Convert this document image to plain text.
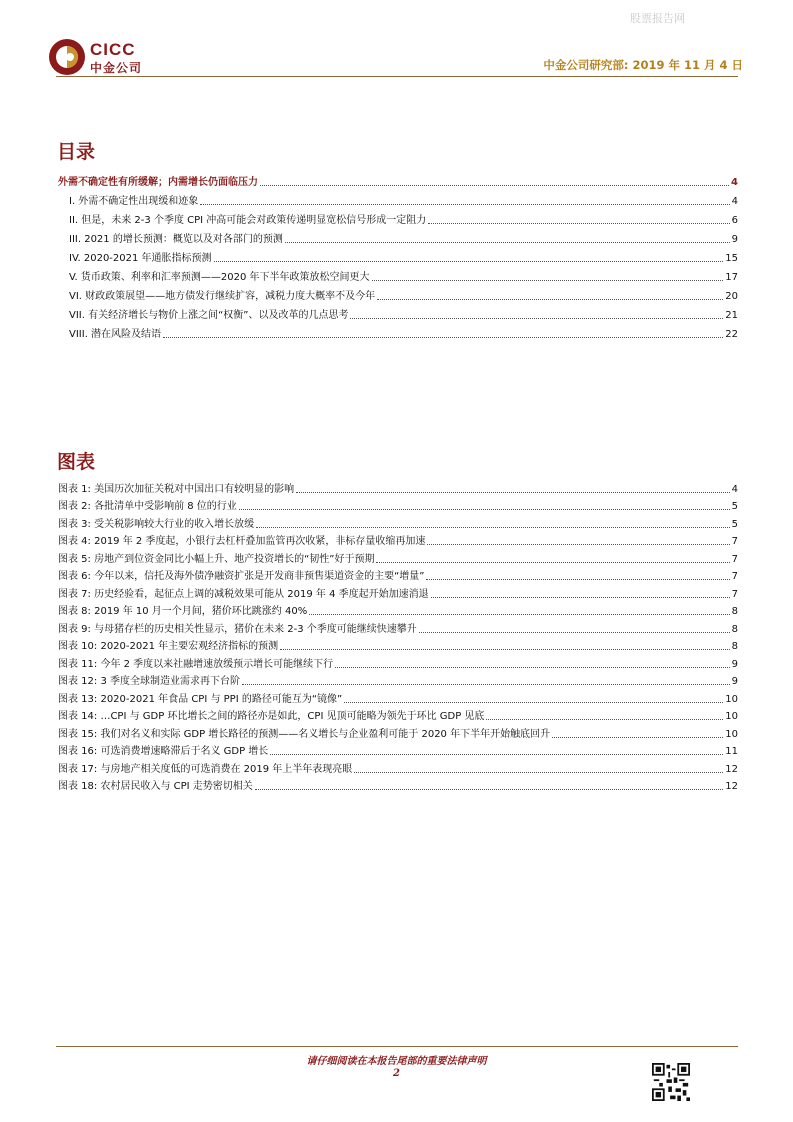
股票报告网
CICC
中金公司	中金公司研究部: 2019 年 11 月 4 日
目录
外需不确定性有所缓解；内需增长仍面临压力	4
I. 外需不确定性出现缓和迹象	4
II. 但是，未来 2-3 个季度 CPI 冲高可能会对政策传递明显宽松信号形成一定阻力	6
III. 2021 的增长预测：概览以及对各部门的预测	9
IV. 2020-2021 年通胀指标预测	15
V. 货币政策、利率和汇率预测——2020 年下半年政策放松空间更大	17
VI. 财政政策展望——地方债发行继续扩容，减税力度大概率不及今年	20
VII. 有关经济增长与物价上涨之间“权衡”、以及改革的几点思考	21
VIII. 潜在风险及结语	22
图表
图表 1: 美国历次加征关税对中国出口有较明显的影响	4
图表 2: 各批清单中受影响前 8 位的行业	5
图表 3: 受关税影响较大行业的收入增长放缓	5
图表 4: 2019 年 2 季度起，小银行去杠杆叠加监管再次收紧，非标存量收缩再加速	7
图表 5: 房地产到位资金同比小幅上升、地产投资增长的“韧性”好于预期	7
图表 6: 今年以来，信托及海外债净融资扩张是开发商非预售渠道资金的主要“增量”	7
图表 7: 历史经验看，起征点上调的减税效果可能从 2019 年 4 季度起开始加速消退	7
图表 8: 2019 年 10 月一个月间，猪价环比跳涨约 40%	8
图表 9: 与母猪存栏的历史相关性显示，猪价在未来 2-3 个季度可能继续快速攀升	8
图表 10: 2020-2021 年主要宏观经济指标的预测	8
图表 11: 今年 2 季度以来社融增速放缓预示增长可能继续下行	9
图表 12: 3 季度全球制造业需求再下台阶	9
图表 13: 2020-2021 年食品 CPI 与 PPI 的路径可能互为“镜像”	10
图表 14: …CPI 与 GDP 环比增长之间的路径亦是如此，CPI 见顶可能略为领先于环比 GDP 见底	10
图表 15: 我们对名义和实际 GDP 增长路径的预测——名义增长与企业盈利可能于 2020 年下半年开始触底回升	10
图表 16: 可选消费增速略滞后于名义 GDP 增长	11
图表 17: 与房地产相关度低的可选消费在 2019 年上半年表现亮眼	12
图表 18: 农村居民收入与 CPI 走势密切相关	12
请仔细阅读在本报告尾部的重要法律声明
2
